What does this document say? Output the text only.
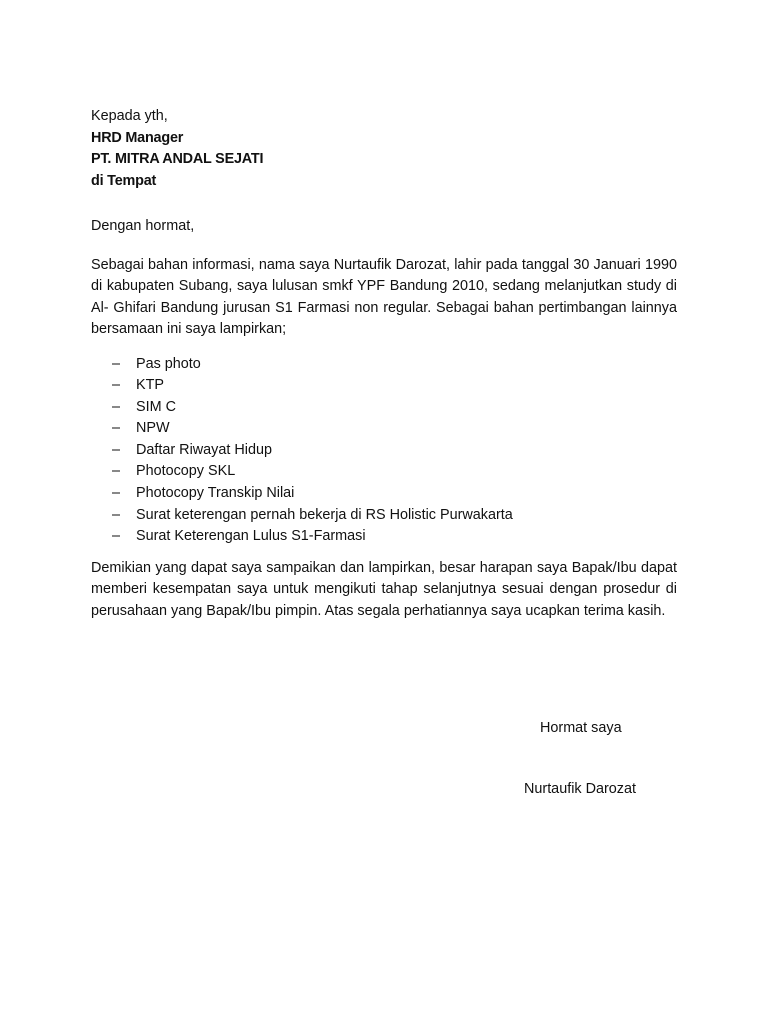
Kepada yth,
HRD Manager
PT. MITRA ANDAL SEJATI
di Tempat
Dengan hormat,
Sebagai bahan informasi, nama saya Nurtaufik Darozat, lahir pada tanggal 30 Januari 1990 di kabupaten Subang, saya lulusan smkf YPF Bandung 2010, sedang melanjutkan study di Al- Ghifari Bandung jurusan S1 Farmasi non regular. Sebagai bahan pertimbangan lainnya bersamaan ini saya lampirkan;
–	Pas photo
–	KTP
–	SIM C
–	NPW
–	Daftar Riwayat Hidup
–	Photocopy SKL
–	Photocopy Transkip Nilai
–	Surat keterengan pernah bekerja di RS Holistic Purwakarta
–	Surat Keterengan Lulus S1-Farmasi
Demikian yang dapat saya sampaikan dan lampirkan, besar harapan saya Bapak/Ibu dapat memberi kesempatan saya untuk mengikuti tahap selanjutnya sesuai dengan prosedur di perusahaan yang Bapak/Ibu pimpin. Atas segala perhatiannya saya ucapkan terima kasih.
Hormat saya
Nurtaufik Darozat
